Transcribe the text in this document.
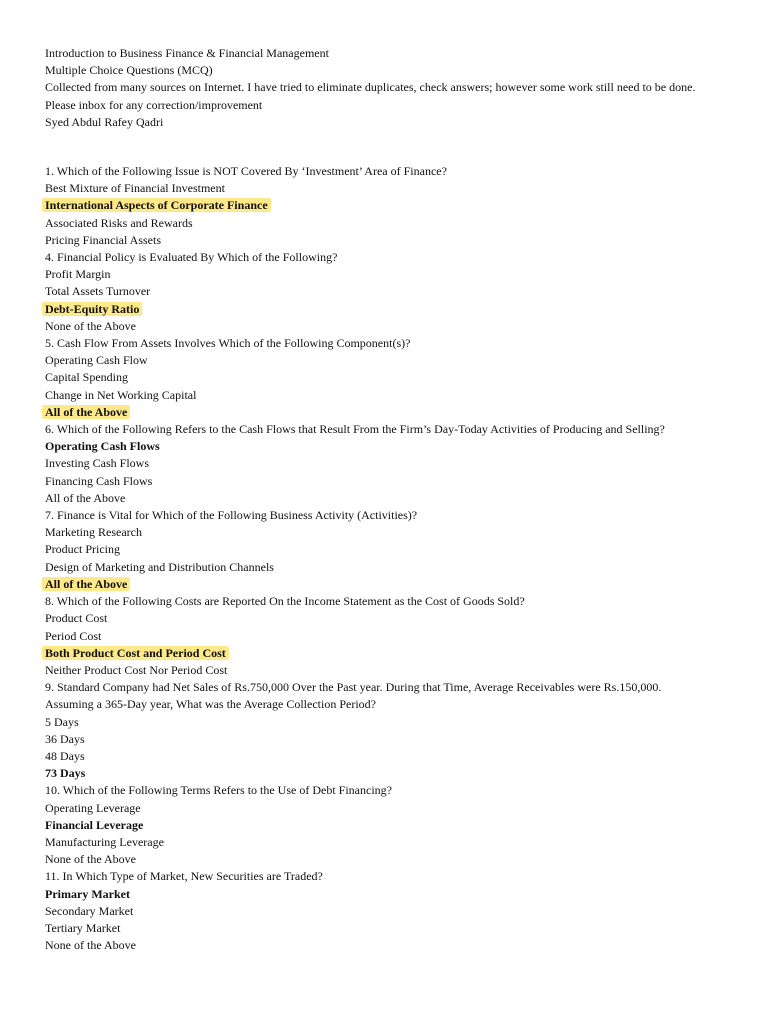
Introduction to Business Finance & Financial Management
Multiple Choice Questions (MCQ)
Collected from many sources on Internet. I have tried to eliminate duplicates, check answers; however some work still need to be done.
Please inbox for any correction/improvement
Syed Abdul Rafey Qadri
1. Which of the Following Issue is NOT Covered By ‘Investment’ Area of Finance?
Best Mixture of Financial Investment
International Aspects of Corporate Finance
Associated Risks and Rewards
Pricing Financial Assets
4. Financial Policy is Evaluated By Which of the Following?
Profit Margin
Total Assets Turnover
Debt-Equity Ratio
None of the Above
5. Cash Flow From Assets Involves Which of the Following Component(s)?
Operating Cash Flow
Capital Spending
Change in Net Working Capital
All of the Above
6. Which of the Following Refers to the Cash Flows that Result From the Firm’s Day-Today Activities of Producing and Selling?
Operating Cash Flows
Investing Cash Flows
Financing Cash Flows
All of the Above
7. Finance is Vital for Which of the Following Business Activity (Activities)?
Marketing Research
Product Pricing
Design of Marketing and Distribution Channels
All of the Above
8. Which of the Following Costs are Reported On the Income Statement as the Cost of Goods Sold?
Product Cost
Period Cost
Both Product Cost and Period Cost
Neither Product Cost Nor Period Cost
9. Standard Company had Net Sales of Rs.750,000 Over the Past year. During that Time, Average Receivables were Rs.150,000. Assuming a 365-Day year, What was the Average Collection Period?
5 Days
36 Days
48 Days
73 Days
10. Which of the Following Terms Refers to the Use of Debt Financing?
Operating Leverage
Financial Leverage
Manufacturing Leverage
None of the Above
11. In Which Type of Market, New Securities are Traded?
Primary Market
Secondary Market
Tertiary Market
None of the Above
